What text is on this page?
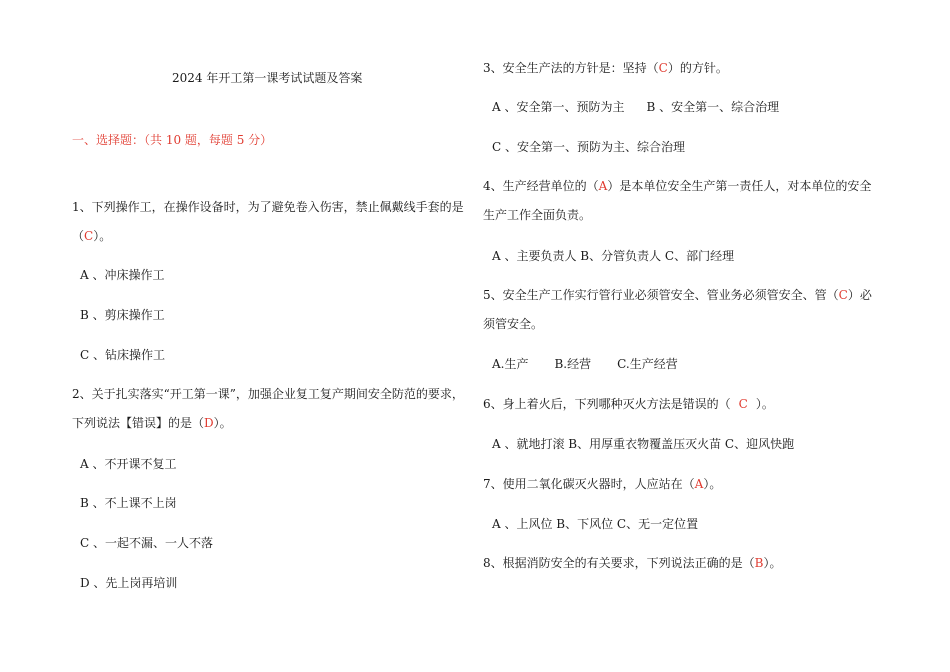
2024 年开工第一课考试试题及答案
一、选择题：（共 10 题，每题 5 分）
1、下列操作工，在操作设备时，为了避免卷入伤害，禁止佩戴线手套的是
（C）。
A 、冲床操作工
B 、剪床操作工
C 、钻床操作工
2、关于扎实落实“开工第一课”，加强企业复工复产期间安全防范的要求，
下列说法【错误】的是（D）。
A 、不开课不复工
B 、不上课不上岗
C 、一起不漏、一人不落
D 、先上岗再培训
3、安全生产法的方针是：坚持（C）的方针。
A 、安全第一、预防为主 B 、安全第一、综合治理
C 、安全第一、预防为主、综合治理
4、生产经营单位的（A）是本单位安全生产第一责任人，对本单位的安全
生产工作全面负责。
A 、主要负责人 B、分管负责人 C、部门经理
5、安全生产工作实行管行业必须管安全、管业务必须管安全、管（C）必
须管安全。
A.生产 B.经营 C.生产经营
6、身上着火后，下列哪种灭火方法是错误的（ C ）。
A 、就地打滚 B、用厚重衣物覆盖压灭火苗 C、迎风快跑
7、使用二氧化碳灭火器时，人应站在（A）。
A 、上风位 B、下风位 C、无一定位置
8、根据消防安全的有关要求，下列说法正确的是（B）。
